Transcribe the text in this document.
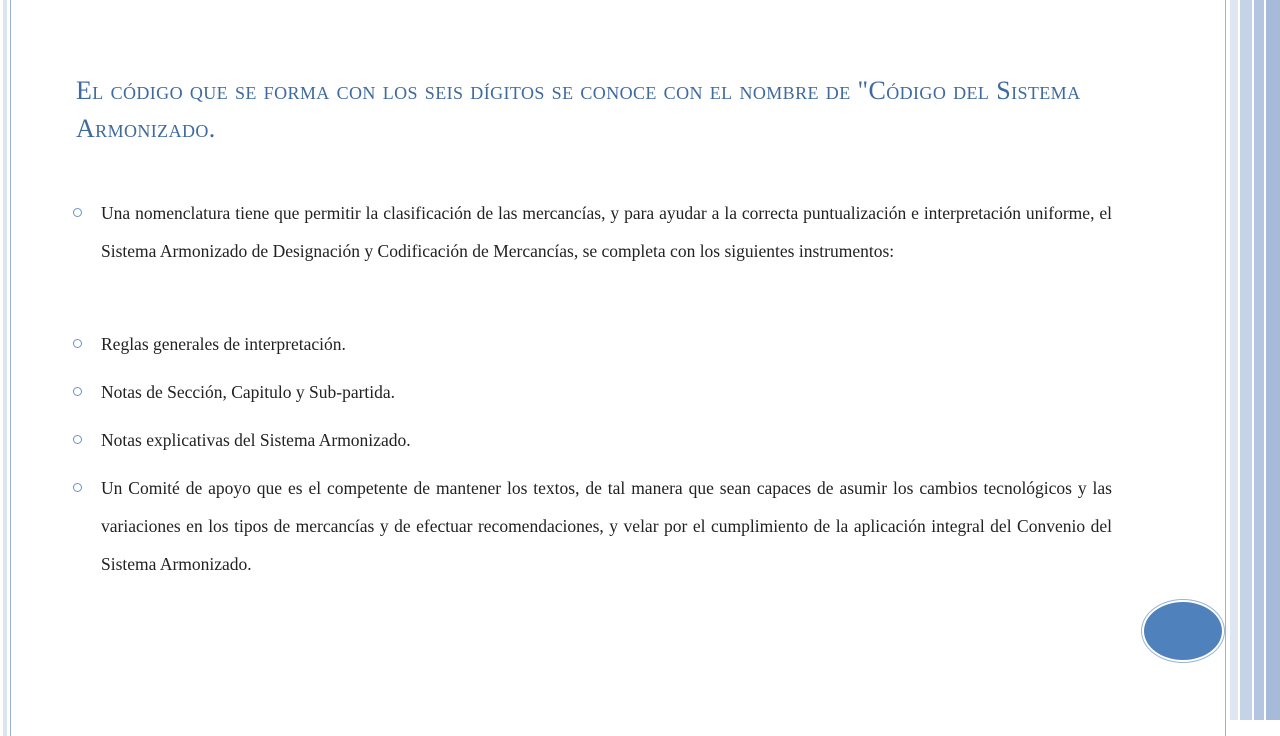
El código que se forma con los seis dígitos se conoce con el nombre de "Código del Sistema Armonizado.
Una nomenclatura tiene que permitir la clasificación de las mercancías, y para ayudar a la correcta puntualización e interpretación uniforme, el Sistema Armonizado de Designación y Codificación de Mercancías, se completa con los siguientes instrumentos:
Reglas generales de interpretación.
Notas de Sección, Capitulo y Sub-partida.
Notas explicativas del Sistema Armonizado.
Un Comité de apoyo que es el competente de mantener los textos, de tal manera que sean capaces de asumir los cambios tecnológicos y las variaciones en los tipos de mercancías y de efectuar recomendaciones, y velar por el cumplimiento de la aplicación integral del Convenio del Sistema Armonizado.
